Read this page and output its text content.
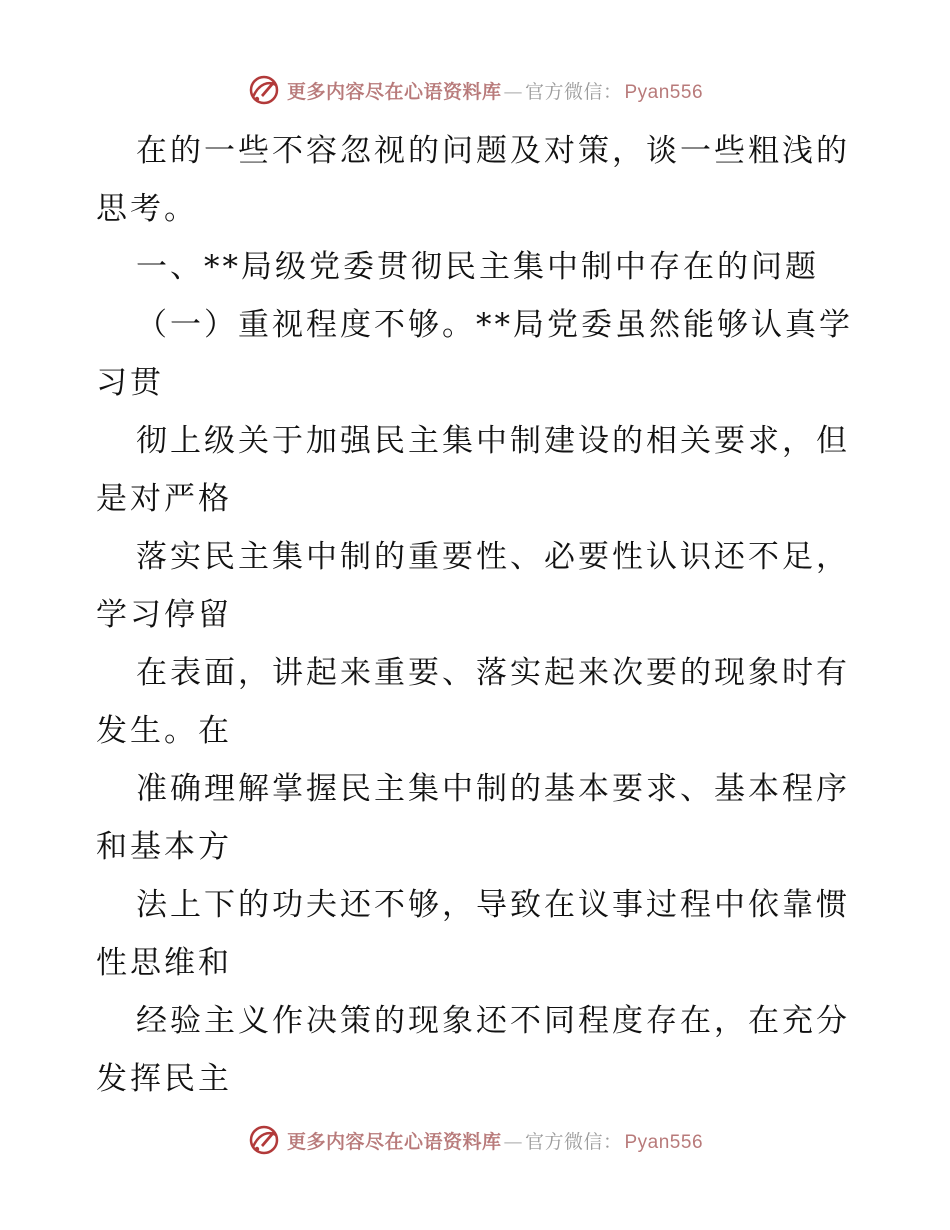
更多内容尽在心语资料库 — 官方微信： Pyan556

在的一些不容忽视的问题及对策，谈一些粗浅的思考。

一、**局级党委贯彻民主集中制中存在的问题

（一）重视程度不够。**局党委虽然能够认真学习贯

彻上级关于加强民主集中制建设的相关要求，但是对严格

落实民主集中制的重要性、必要性认识还不足，学习停留

在表面，讲起来重要、落实起来次要的现象时有发生。在

准确理解掌握民主集中制的基本要求、基本程序和基本方

法上下的功夫还不够，导致在议事过程中依靠惯性思维和

经验主义作决策的现象还不同程度存在，在充分发挥民主

更多内容尽在心语资料库 — 官方微信： Pyan556
